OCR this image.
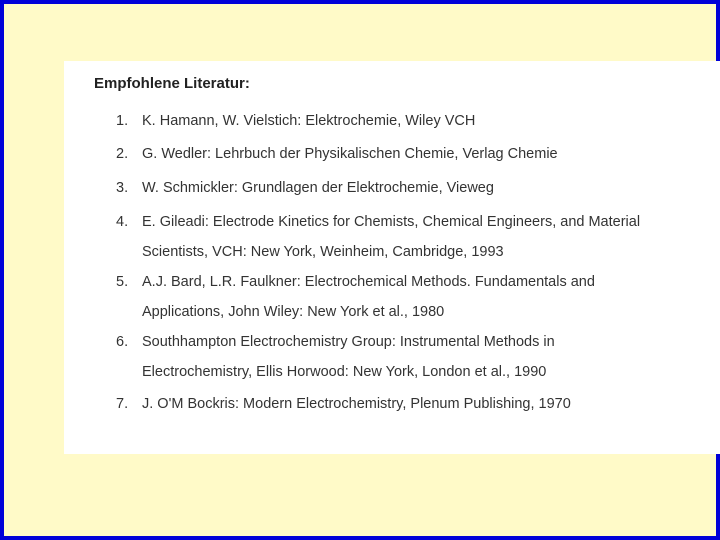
Empfohlene Literatur:
1. K. Hamann, W. Vielstich: Elektrochemie, Wiley VCH
2. G. Wedler: Lehrbuch der Physikalischen Chemie, Verlag Chemie
3. W. Schmickler: Grundlagen der Elektrochemie, Vieweg
4. E. Gileadi: Electrode Kinetics for Chemists, Chemical Engineers, and Material
Scientists, VCH: New York, Weinheim, Cambridge, 1993
5. A.J. Bard, L.R. Faulkner: Electrochemical Methods. Fundamentals and
Applications, John Wiley: New York et al., 1980
6. Southhampton Electrochemistry Group: Instrumental Methods in
Electrochemistry, Ellis Horwood: New York, London et al., 1990
7. J. O'M Bockris: Modern Electrochemistry, Plenum Publishing, 1970
